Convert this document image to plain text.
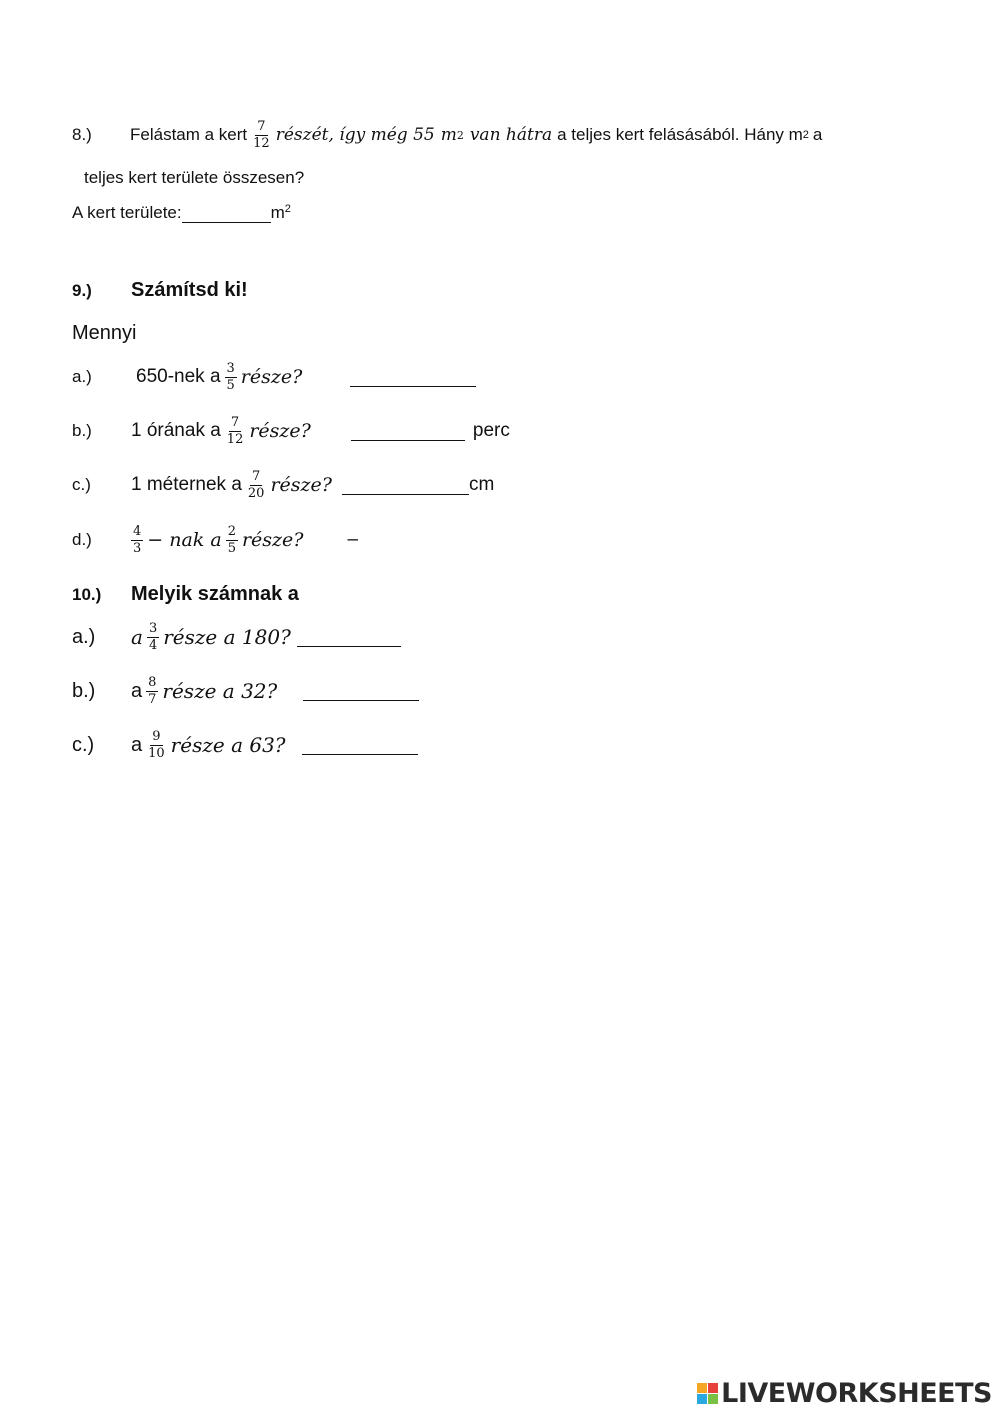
8.)	Felástam a kert $\frac{7}{12}$ részét, így még 55 m 2 van hátra a teljes kert felásásából. Hány m 2 a
teljes kert területe összesen?
A kert területe:	$m^2$
9.)	Számítsd ki!
Mennyi
a.)	650-nek a $\frac{3}{5}$ része?
b.)	1 órának a $\frac{7}{12}$ része?	perc
c.)	1 méternek a $\frac{7}{20}$ része?	cm
d.)	$\frac{4}{3}$ − nak a $\frac{2}{5}$ része? –
10.)	Melyik számnak a
a.)	a $\frac{3}{4}$ része a 180?
b.)	a $\frac{8}{7}$ része a 32?
c.)	a $\frac{9}{10}$ része a 63?
LIVEWORKSHEETS
